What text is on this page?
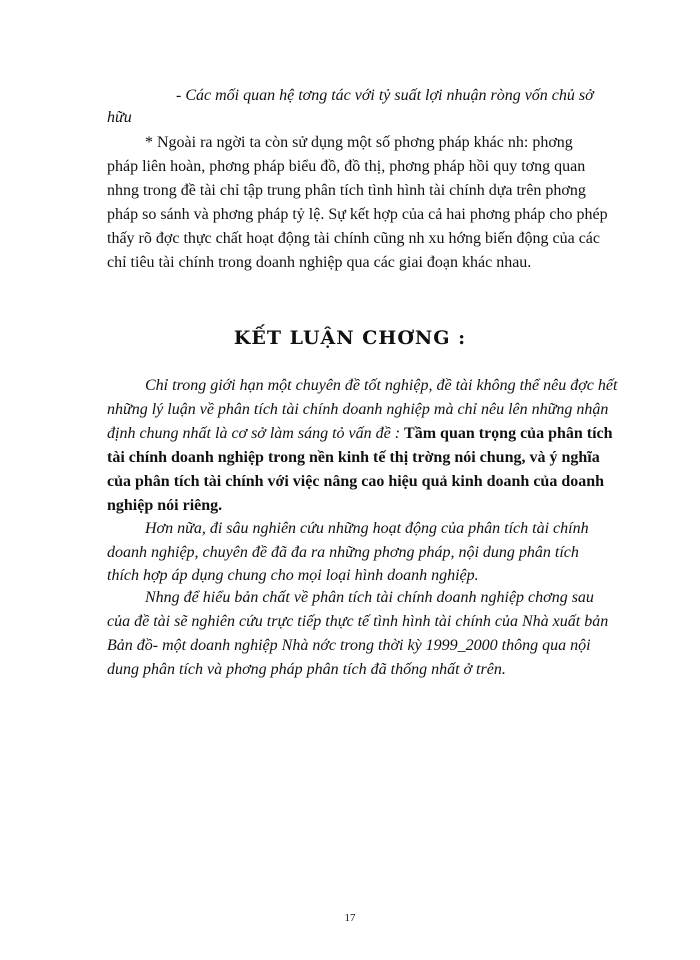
- Các mối quan hệ tơng tác với tỷ suất lợi nhuận ròng vốn chủ sở
hữu
* Ngoài ra ngời ta còn sử dụng một số phơng pháp khác nh: phơng
pháp liên hoàn, phơng pháp biểu đồ, đồ thị, phơng pháp hồi quy tơng quan
nhng trong đề tài chỉ tập trung phân tích tình hình tài chính dựa trên phơng
pháp so sánh và phơng pháp tỷ lệ. Sự kết hợp của cả hai phơng pháp cho phép
thấy rõ đợc thực chất hoạt động tài chính cũng nh xu hớng biến động của các
chỉ tiêu tài chính trong doanh nghiệp qua các giai đoạn khác nhau.
KẾT LUẬN CHƠNG :
Chỉ trong giới hạn một chuyên đề tốt nghiệp, đề tài không thể nêu đợc hết
những lý luận về phân tích tài chính doanh nghiệp mà chỉ nêu lên những nhận
định chung nhất là cơ sở làm sáng tỏ vấn đề : Tầm quan trọng của phân tích
tài chính doanh nghiệp trong nền kinh tế thị trờng nói chung, và ý nghĩa
của phân tích tài chính với việc nâng cao hiệu quả kinh doanh của doanh
nghiệp nói riêng.
Hơn nữa, đi sâu nghiên cứu những hoạt động của phân tích tài chính
doanh nghiệp, chuyên đề đã đa ra những phơng pháp, nội dung phân tích
thích hợp áp dụng chung cho mọi loại hình doanh nghiệp.
Nhng để hiểu bản chất về phân tích tài chính doanh nghiệp chơng sau
của đề tài sẽ nghiên cứu trực tiếp thực tế tình hình tài chính của Nhà xuất bản
Bản đồ- một doanh nghiệp Nhà nớc trong thời kỳ 1999_2000 thông qua nội
dung phân tích và phơng pháp phân tích đã thống nhất ở trên.
17
